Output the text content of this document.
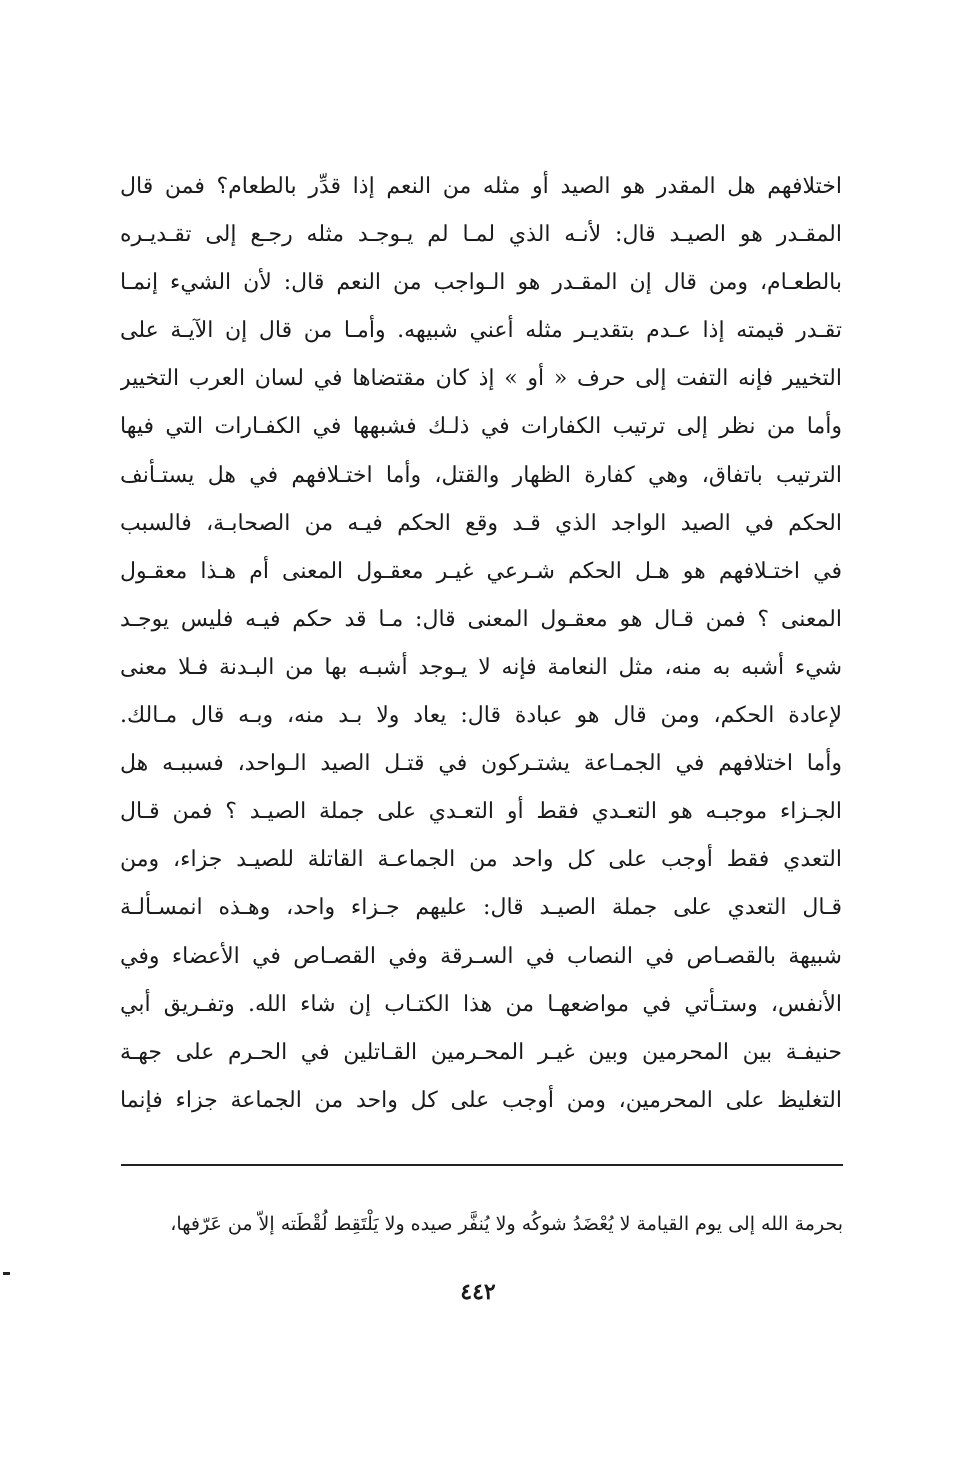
اختلافهم هل المقدر هو الصيد أو مثله من النعم إذا قدِّر بالطعام؟ فمن قال
المقـدر هو الصيـد قال: لأنـه الذي لمـا لم يـوجـد مثله رجـع إلى تقـديـره
بالطعـام، ومن قال إن المقـدر هو الـواجب من النعم قال: لأن الشيء إنمـا
تقـدر قيمته إذا عـدم بتقديـر مثله أعني شبيهه. وأمـا من قال إن الآيـة على
التخيير فإنه التفت إلى حرف « أو » إذ كان مقتضاها في لسان العرب التخيير
وأما من نظر إلى ترتيب الكفارات في ذلـك فشبهها في الكفـارات التي فيها
الترتيب باتفاق، وهي كفارة الظهار والقتل، وأما اختـلافهم في هل يستـأنف
الحكم في الصيد الواجد الذي قـد وقع الحكم فيـه من الصحابـة، فالسبب
في اختـلافهم هو هـل الحكم شـرعي غيـر معقـول المعنى أم هـذا معقـول
المعنى ؟ فمن قـال هو معقـول المعنى قال: مـا قد حكم فيـه فليس يوجـد
شيء أشبه به منه، مثل النعامة فإنه لا يـوجد أشبـه بها من البـدنة فـلا معنى
لإعادة الحكم، ومن قال هو عبادة قال: يعاد ولا بـد منه، وبـه قال مـالك.
وأما اختلافهم في الجمـاعة يشتـركون في قتـل الصيد الـواحد، فسببـه هل
الجـزاء موجبـه هو التعـدي فقط أو التعـدي على جملة الصيـد ؟ فمن قـال
التعدي فقط أوجب على كل واحد من الجماعـة القاتلة للصيـد جزاء، ومن
قـال التعدي على جملة الصيـد قال: عليهم جـزاء واحد، وهـذه انمسـألـة
شبيهة بالقصـاص في النصاب في السـرقة وفي القصـاص في الأعضاء وفي
الأنفس، وستـأتي في مواضعهـا من هذا الكتـاب إن شاء الله. وتفـريق أبي
حنيفـة بين المحرمين وبين غيـر المحـرمين القـاتلين في الحـرم على جهـة
التغليظ على المحرمين، ومن أوجب على كل واحد من الجماعة جزاء فإنما
بحرمة الله إلى يوم القيامة لا يُعْضَدُ شوكُه ولا يُنفَّر صيده ولا يَلْتَقِط لُقْطَته إلاّ من عَرّفها،
٤٤٢
